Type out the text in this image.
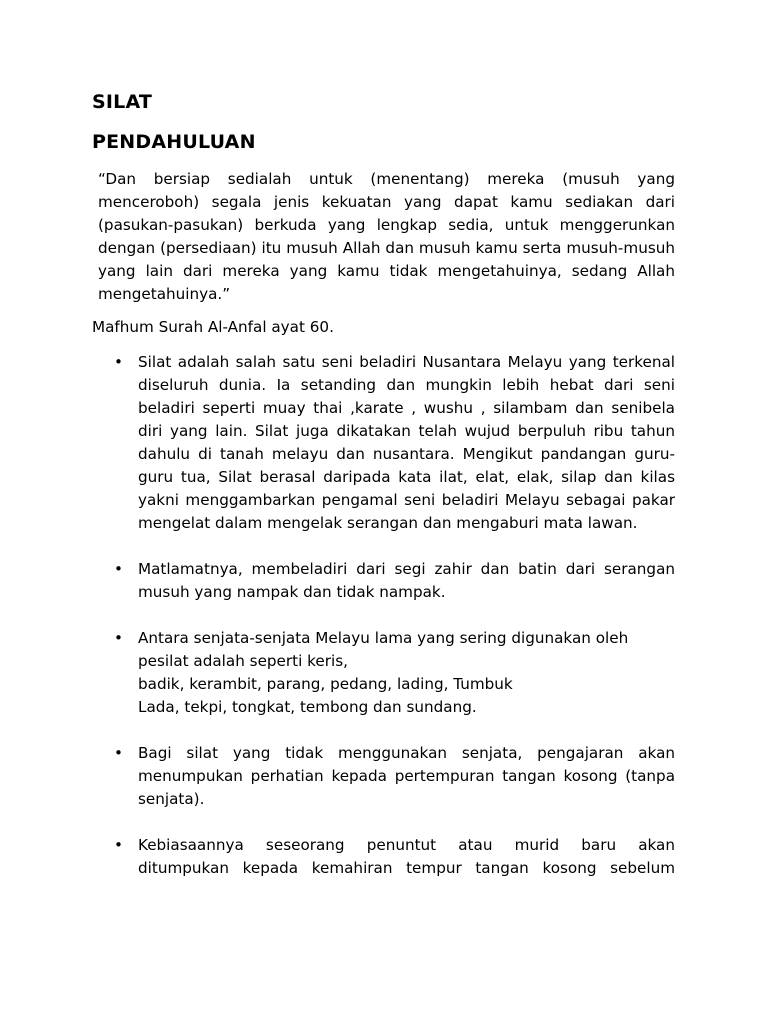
SILAT
PENDAHULUAN

“Dan bersiap sedialah untuk (menentang) mereka (musuh yang menceroboh) segala jenis kekuatan yang dapat kamu sediakan dari (pasukan-pasukan) berkuda yang lengkap sedia, untuk menggerunkan dengan (persediaan) itu musuh Allah dan musuh kamu serta musuh-musuh yang lain dari mereka yang kamu tidak mengetahuinya, sedang Allah mengetahuinya.”

Mafhum Surah Al-Anfal ayat 60.

• Silat adalah salah satu seni beladiri Nusantara Melayu yang terkenal diseluruh dunia. Ia setanding dan mungkin lebih hebat dari seni beladiri seperti muay thai ,karate , wushu , silambam dan senibela diri yang lain. Silat juga dikatakan telah wujud berpuluh ribu tahun dahulu di tanah melayu dan nusantara. Mengikut pandangan guru-guru tua, Silat berasal daripada kata ilat, elat, elak, silap dan kilas yakni menggambarkan pengamal seni beladiri Melayu sebagai pakar mengelat dalam mengelak serangan dan mengaburi mata lawan.
• Matlamatnya, membeladiri dari segi zahir dan batin dari serangan musuh yang nampak dan tidak nampak.
• Antara senjata-senjata Melayu lama yang sering digunakan oleh
pesilat adalah seperti keris,
badik, kerambit, parang, pedang, lading, Tumbuk
Lada, tekpi, tongkat, tembong dan sundang.
• Bagi silat yang tidak menggunakan senjata, pengajaran akan menumpukan perhatian kepada pertempuran tangan kosong (tanpa senjata).
• Kebiasaannya seseorang penuntut atau murid baru akan
ditumpukan kepada kemahiran tempur tangan kosong sebelum
